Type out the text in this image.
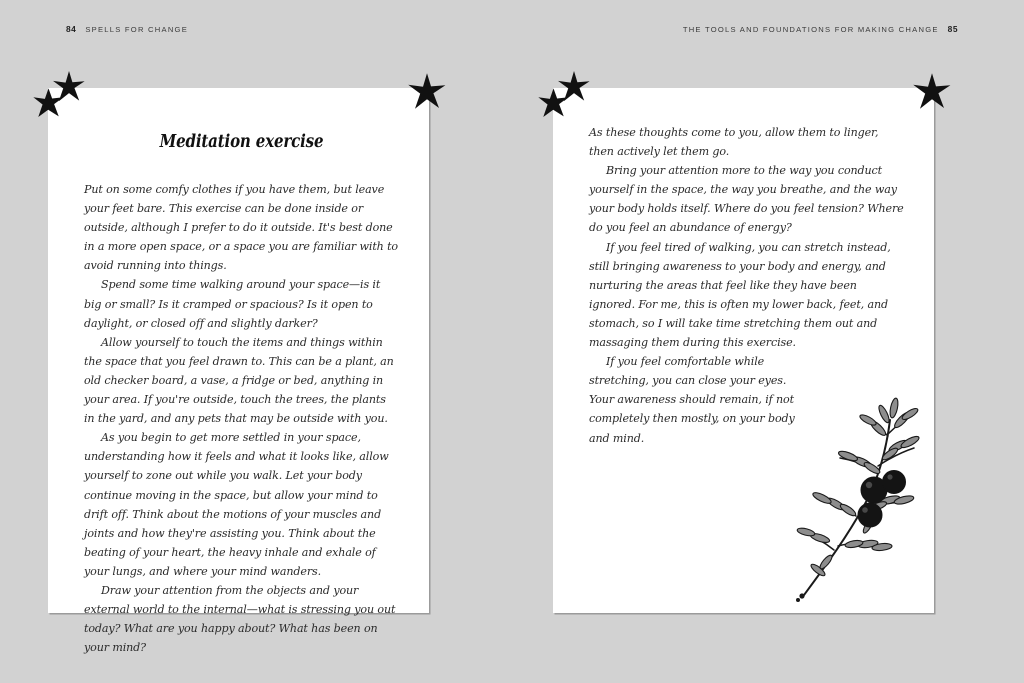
84 SPELLS FOR CHANGE	THE TOOLS AND FOUNDATIONS FOR MAKING CHANGE 85
Meditation exercise

Put on some comfy clothes if you have them, but leave your feet bare. This exercise can be done inside or outside, although I prefer to do it outside. It's best done in a more open space, or a space you are familiar with to avoid running into things.

Spend some time walking around your space—is it big or small? Is it cramped or spacious? Is it open to daylight, or closed off and slightly darker?

Allow yourself to touch the items and things within the space that you feel drawn to. This can be a plant, an old checker board, a vase, a fridge or bed, anything in your area. If you're outside, touch the trees, the plants in the yard, and any pets that may be outside with you.

As you begin to get more settled in your space, understanding how it feels and what it looks like, allow yourself to zone out while you walk. Let your body continue moving in the space, but allow your mind to drift off. Think about the motions of your muscles and joints and how they're assisting you. Think about the beating of your heart, the heavy inhale and exhale of your lungs, and where your mind wanders.

Draw your attention from the objects and your external world to the internal—what is stressing you out today? What are you happy about? What has been on your mind?

As these thoughts come to you, allow them to linger, then actively let them go.

Bring your attention more to the way you conduct yourself in the space, the way you breathe, and the way your body holds itself. Where do you feel tension? Where do you feel an abundance of energy?

If you feel tired of walking, you can stretch instead, still bringing awareness to your body and energy, and nurturing the areas that feel like they have been ignored. For me, this is often my lower back, feet, and stomach, so I will take time stretching them out and massaging them during this exercise.

If you feel comfortable while stretching, you can close your eyes. Your awareness should remain, if not completely then mostly, on your body and mind.
